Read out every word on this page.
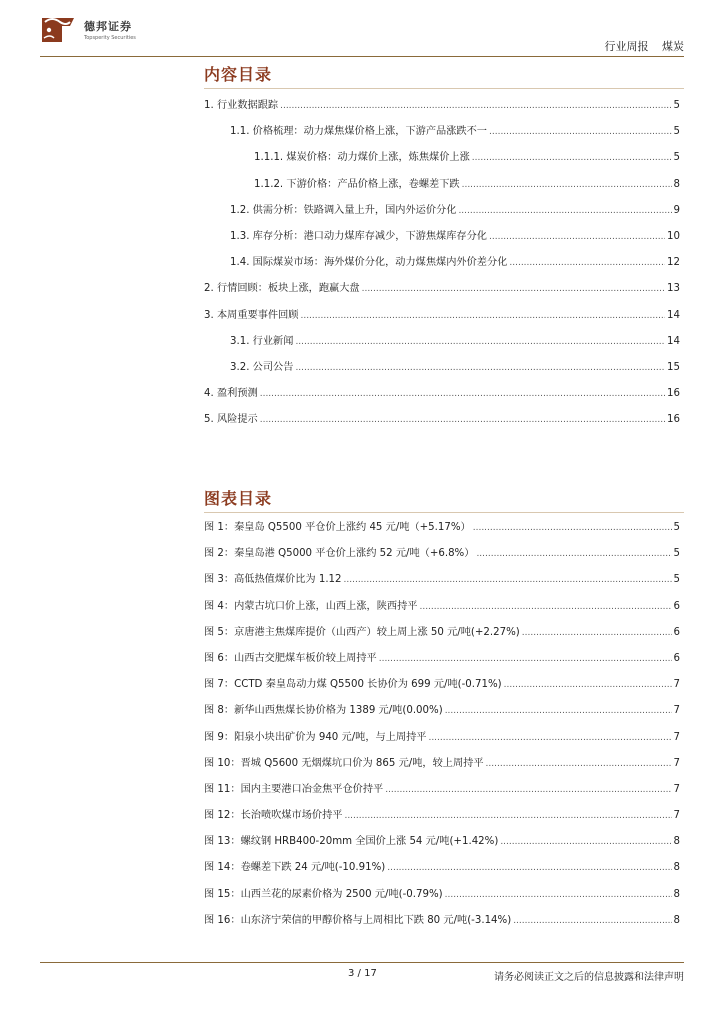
德邦证券
Topsperity Securities
行业周报 煤炭
内容目录
1. 行业数据跟踪 .....	5
1.1. 价格梳理：动力煤焦煤价格上涨，下游产品涨跌不一 .....	5
1.1.1. 煤炭价格：动力煤价上涨，炼焦煤价上涨 .....	5
1.1.2. 下游价格：产品价格上涨，卷螺差下跌 .....	8
1.2. 供需分析：铁路调入量上升，国内外运价分化 .....	9
1.3. 库存分析：港口动力煤库存减少，下游焦煤库存分化 .....	10
1.4. 国际煤炭市场：海外煤价分化，动力煤焦煤内外价差分化 .....	12
2. 行情回顾：板块上涨，跑赢大盘 .....	13
3. 本周重要事件回顾 .....	14
3.1. 行业新闻 .....	14
3.2. 公司公告 .....	15
4. 盈利预测 .....	16
5. 风险提示 .....	16
图表目录
图 1：秦皇岛 Q5500 平仓价上涨约 45 元/吨（+5.17%） .....	5
图 2：秦皇岛港 Q5000 平仓价上涨约 52 元/吨（+6.8%） .....	5
图 3：高低热值煤价比为 1.12 .....	5
图 4：内蒙古坑口价上涨，山西上涨，陕西持平 .....	6
图 5：京唐港主焦煤库提价（山西产）较上周上涨 50 元/吨(+2.27%) .....	6
图 6：山西古交肥煤车板价较上周持平 .....	6
图 7：CCTD 秦皇岛动力煤 Q5500 长协价为 699 元/吨(-0.71%) .....	7
图 8：新华山西焦煤长协价格为 1389 元/吨(0.00%) .....	7
图 9：阳泉小块出矿价为 940 元/吨，与上周持平 .....	7
图 10：晋城 Q5600 无烟煤坑口价为 865 元/吨，较上周持平 .....	7
图 11：国内主要港口冶金焦平仓价持平 .....	7
图 12：长治喷吹煤市场价持平 .....	7
图 13：螺纹钢 HRB400-20mm 全国价上涨 54 元/吨(+1.42%) .....	8
图 14：卷螺差下跌 24 元/吨(-10.91%) .....	8
图 15：山西兰花的尿素价格为 2500 元/吨(-0.79%) .....	8
图 16：山东济宁荣信的甲醇价格与上周相比下跌 80 元/吨(-3.14%) .....	8
3 / 17	请务必阅读正文之后的信息披露和法律声明
